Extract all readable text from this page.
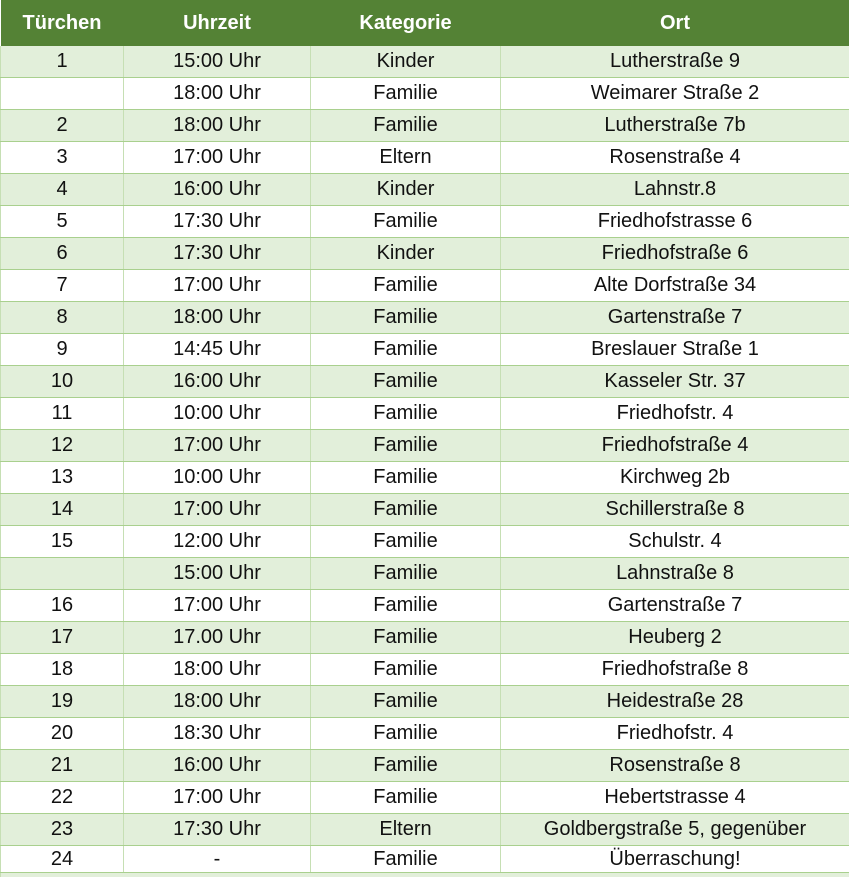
Türchen	Uhrzeit	Kategorie	Ort
1	15:00 Uhr	Kinder	Lutherstraße 9
	18:00 Uhr	Familie	Weimarer Straße 2
2	18:00 Uhr	Familie	Lutherstraße 7b
3	17:00 Uhr	Eltern	Rosenstraße 4
4	16:00 Uhr	Kinder	Lahnstr.8
5	17:30 Uhr	Familie	Friedhofstrasse 6
6	17:30 Uhr	Kinder	Friedhofstraße 6
7	17:00 Uhr	Familie	Alte Dorfstraße 34
8	18:00 Uhr	Familie	Gartenstraße 7
9	14:45 Uhr	Familie	Breslauer Straße 1
10	16:00 Uhr	Familie	Kasseler Str. 37
11	10:00 Uhr	Familie	Friedhofstr. 4
12	17:00 Uhr	Familie	Friedhofstraße 4
13	10:00 Uhr	Familie	Kirchweg 2b
14	17:00 Uhr	Familie	Schillerstraße 8
15	12:00 Uhr	Familie	Schulstr. 4
	15:00 Uhr	Familie	Lahnstraße 8
16	17:00 Uhr	Familie	Gartenstraße 7
17	17.00 Uhr	Familie	Heuberg 2
18	18:00 Uhr	Familie	Friedhofstraße 8
19	18:00 Uhr	Familie	Heidestraße 28
20	18:30 Uhr	Familie	Friedhofstr. 4
21	16:00 Uhr	Familie	Rosenstraße 8
22	17:00 Uhr	Familie	Hebertstrasse 4
23	17:30 Uhr	Eltern	Goldbergstraße 5, gegenüber
24	-	Familie	Überraschung!
